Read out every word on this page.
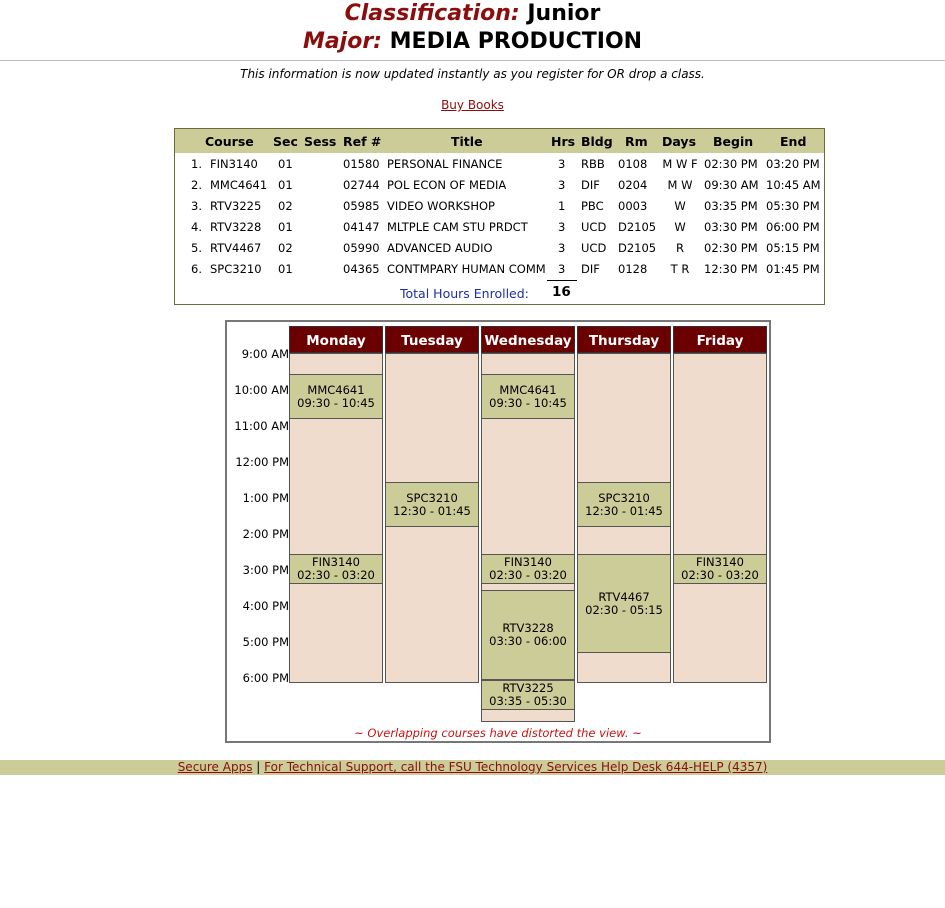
Classification: Junior
Major: MEDIA PRODUCTION
This information is now updated instantly as you register for OR drop a class.
Buy Books
Course Sec Sess Ref #	Title	Hrs Bldg Rm Days Begin End
1. FIN3140 01	01580 PERSONAL FINANCE	3 RBB 0108 M W F 02:30 PM 03:20 PM
2. MMC4641 01	02744 POL ECON OF MEDIA	3 DIF 0204	M W	09:30 AM 10:45 AM
3. RTV3225 02	05985 VIDEO WORKSHOP	1 PBC 0003	W	03:35 PM 05:30 PM
4. RTV3228 01	04147 MLTPLE CAM STU PRDCT	3 UCD D2105	W	03:30 PM 06:00 PM
5. RTV4467 02	05990 ADVANCED AUDIO	3 UCD D2105	R	02:30 PM 05:15 PM
6. SPC3210 01	04365 CONTMPARY HUMAN COMM 3 DIF 0128	T R	12:30 PM 01:45 PM
Total Hours Enrolled: 16
9:00 AM
10:00 AM
11:00 AM
12:00 PM
1:00 PM
2:00 PM
3:00 PM
4:00 PM
5:00 PM
6:00 PM
Monday
MMC4641
09:30 - 10:45
FIN3140
02:30 - 03:20
Tuesday
SPC3210
12:30 - 01:45
Wednesday
MMC4641
09:30 - 10:45
FIN3140
02:30 - 03:20
RTV3228
03:30 - 06:00
RTV3225
03:35 - 05:30
Thursday
SPC3210
12:30 - 01:45
RTV4467
02:30 - 05:15
Friday
FIN3140
02:30 - 03:20
~ Overlapping courses have distorted the view. ~
Secure Apps | For Technical Support, call the FSU Technology Services Help Desk 644-HELP (4357)
